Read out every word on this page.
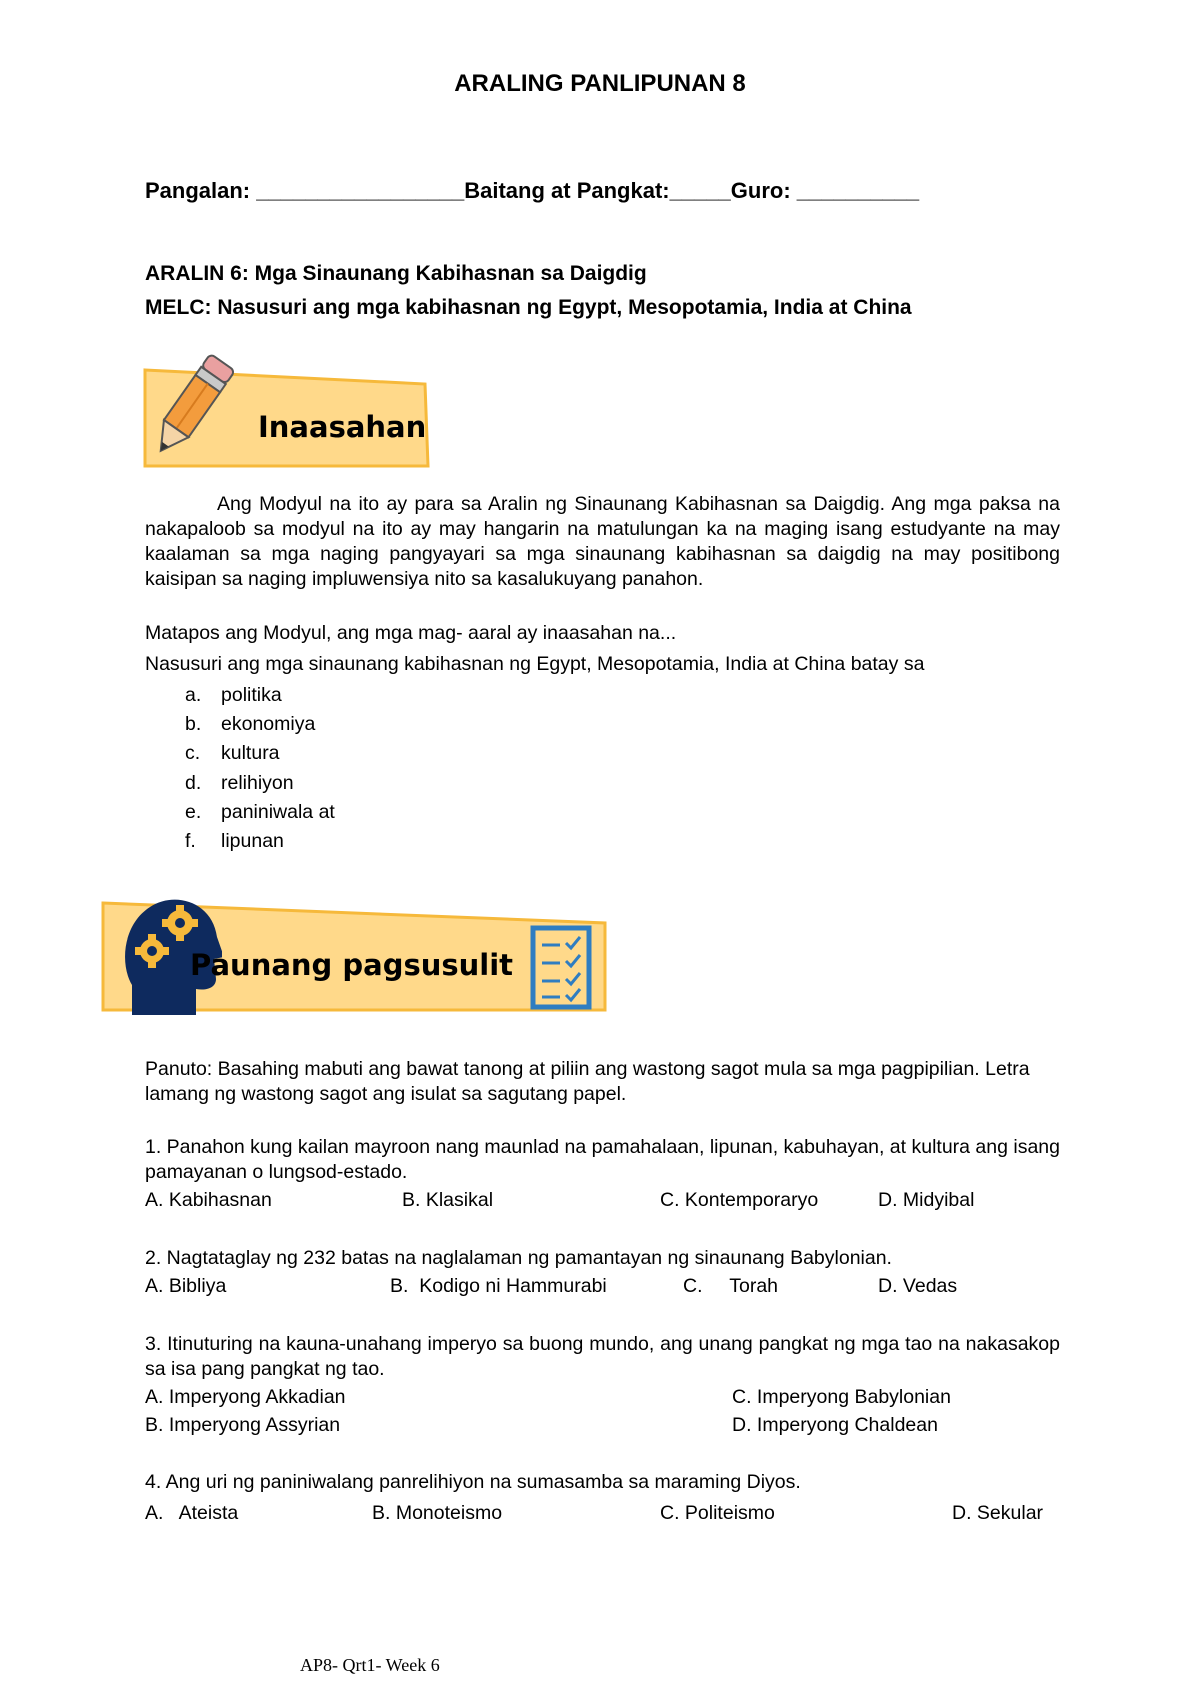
ARALING PANLIPUNAN 8
Pangalan: _________________Baitang at Pangkat:_____Guro: __________
ARALIN 6: Mga Sinaunang Kabihasnan sa Daigdig
MELC: Nasusuri ang mga kabihasnan ng Egypt, Mesopotamia, India at China
Inaasahan
Ang Modyul na ito ay para sa Aralin ng Sinaunang Kabihasnan sa Daigdig. Ang mga paksa na nakapaloob sa modyul na ito ay may hangarin na matulungan ka na maging isang estudyante na may kaalaman sa mga naging pangyayari sa mga sinaunang kabihasnan sa daigdig na may positibong kaisipan sa naging impluwensiya nito sa kasalukuyang panahon.
Matapos ang Modyul, ang mga mag- aaral ay inaasahan na...
Nasusuri ang mga sinaunang kabihasnan ng Egypt, Mesopotamia, India at China batay sa
a. politika
b. ekonomiya
c. kultura
d. relihiyon
e. paniniwala at
f. lipunan
Paunang pagsusulit
Panuto: Basahing mabuti ang bawat tanong at piliin ang wastong sagot mula sa mga pagpipilian. Letra lamang ng wastong sagot ang isulat sa sagutang papel.
1. Panahon kung kailan mayroon nang maunlad na pamahalaan, lipunan, kabuhayan, at kultura ang isang pamayanan o lungsod-estado.
A. Kabihasnan	B. Klasikal	C. Kontemporaryo	D. Midyibal
2. Nagtataglay ng 232 batas na naglalaman ng pamantayan ng sinaunang Babylonian.
A. Bibliya	B.  Kodigo ni Hammurabi	C.     Torah	D. Vedas
3. Itinuturing na kauna-unahang imperyo sa buong mundo, ang unang pangkat ng mga tao na nakasakop sa isa pang pangkat ng tao.
A. Imperyong Akkadian	C. Imperyong Babylonian
B. Imperyong Assyrian	D. Imperyong Chaldean
4. Ang uri ng paniniwalang panrelihiyon na sumasamba sa maraming Diyos.
A.   Ateista	B. Monoteismo	C. Politeismo	D. Sekular
AP8- Qrt1- Week 6
